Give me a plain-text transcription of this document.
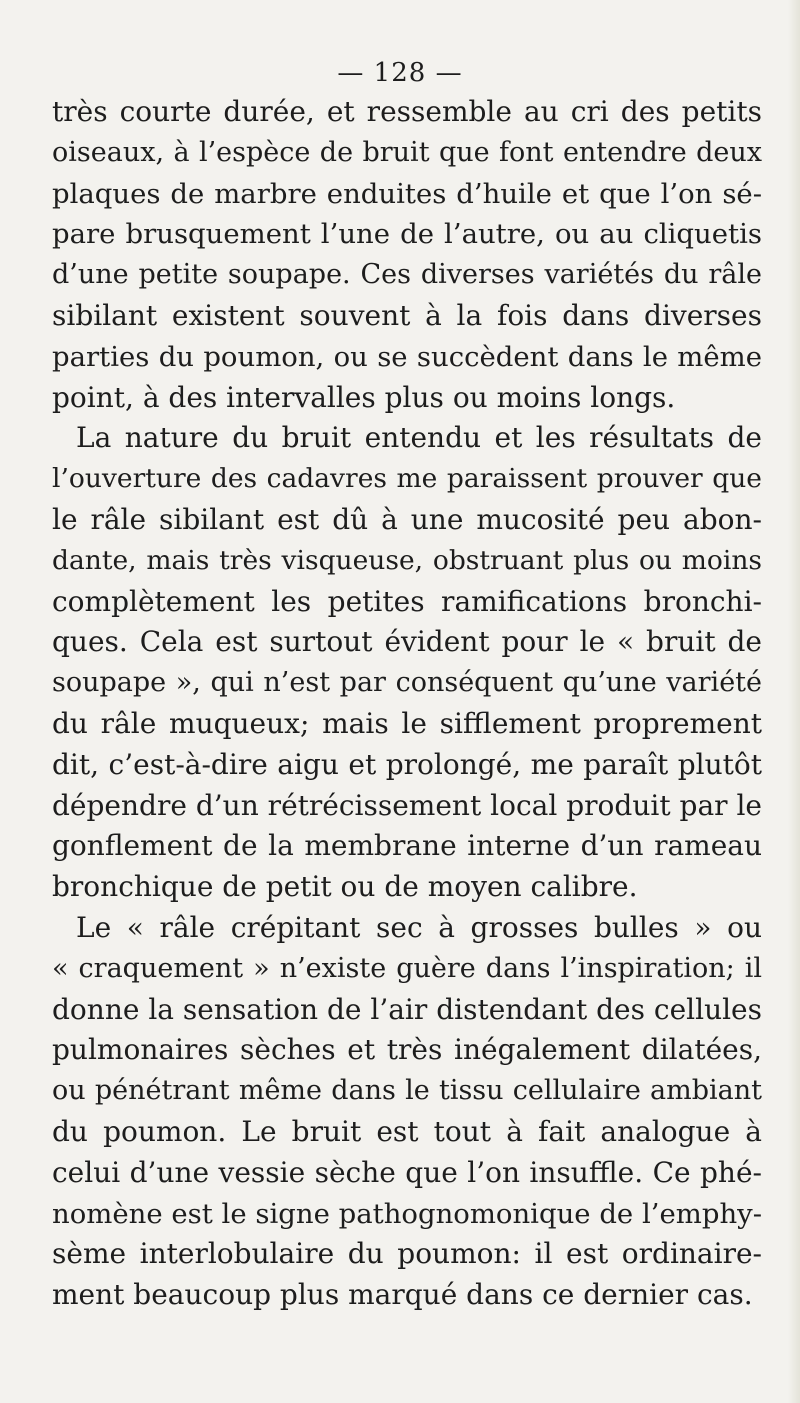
— 128 —
très courte durée, et ressemble au cri des petits
oiseaux, à l’espèce de bruit que font entendre deux
plaques de marbre enduites d’huile et que l’on sé-
pare brusquement l’une de l’autre, ou au cliquetis
d’une petite soupape. Ces diverses variétés du râle
sibilant existent souvent à la fois dans diverses
parties du poumon, ou se succèdent dans le même
point, à des intervalles plus ou moins longs.
La nature du bruit entendu et les résultats de
l’ouverture des cadavres me paraissent prouver que
le râle sibilant est dû à une mucosité peu abon-
dante, mais très visqueuse, obstruant plus ou moins
complètement les petites ramifications bronchi-
ques. Cela est surtout évident pour le « bruit de
soupape », qui n’est par conséquent qu’une variété
du râle muqueux; mais le sifflement proprement
dit, c’est-à-dire aigu et prolongé, me paraît plutôt
dépendre d’un rétrécissement local produit par le
gonflement de la membrane interne d’un rameau
bronchique de petit ou de moyen calibre.
Le « râle crépitant sec à grosses bulles » ou
« craquement » n’existe guère dans l’inspiration; il
donne la sensation de l’air distendant des cellules
pulmonaires sèches et très inégalement dilatées,
ou pénétrant même dans le tissu cellulaire ambiant
du poumon. Le bruit est tout à fait analogue à
celui d’une vessie sèche que l’on insuffle. Ce phé-
nomène est le signe pathognomonique de l’emphy-
sème interlobulaire du poumon: il est ordinaire-
ment beaucoup plus marqué dans ce dernier cas.
